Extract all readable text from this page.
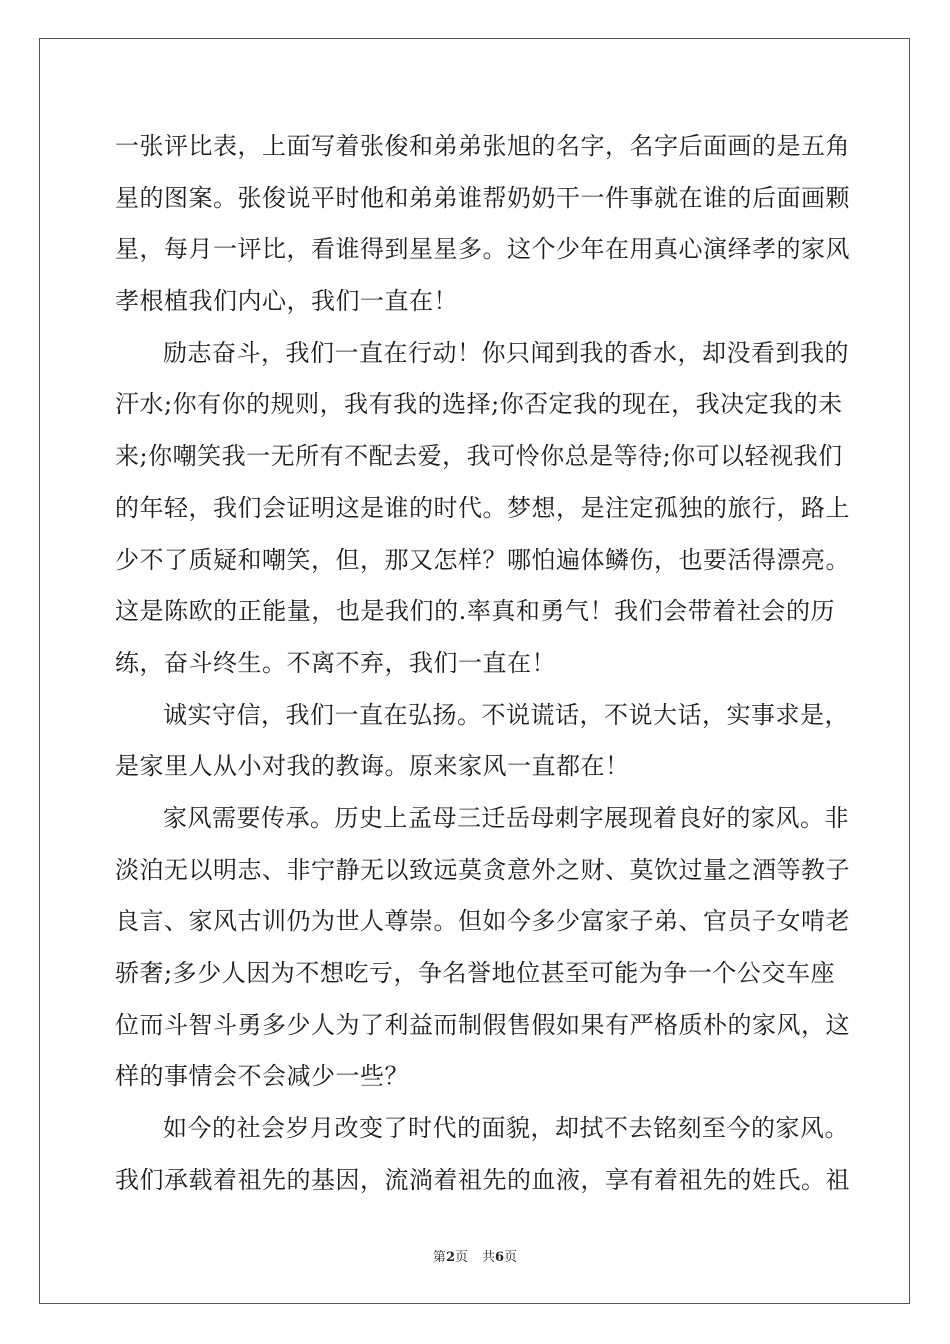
一张评比表，上面写着张俊和弟弟张旭的名字，名字后面画的是五角
星的图案。张俊说平时他和弟弟谁帮奶奶干一件事就在谁的后面画颗
星，每月一评比，看谁得到星星多。这个少年在用真心演绎孝的家风
孝根植我们内心，我们一直在！
励志奋斗，我们一直在行动！你只闻到我的香水，却没看到我的
汗水;你有你的规则，我有我的选择;你否定我的现在，我决定我的未
来;你嘲笑我一无所有不配去爱，我可怜你总是等待;你可以轻视我们
的年轻，我们会证明这是谁的时代。梦想，是注定孤独的旅行，路上
少不了质疑和嘲笑，但，那又怎样？哪怕遍体鳞伤，也要活得漂亮。
这是陈欧的正能量，也是我们的.率真和勇气！我们会带着社会的历
练，奋斗终生。不离不弃，我们一直在！
诚实守信，我们一直在弘扬。不说谎话，不说大话，实事求是，
是家里人从小对我的教诲。原来家风一直都在！
家风需要传承。历史上孟母三迁岳母刺字展现着良好的家风。非
淡泊无以明志、非宁静无以致远莫贪意外之财、莫饮过量之酒等教子
良言、家风古训仍为世人尊崇。但如今多少富家子弟、官员子女啃老
骄奢;多少人因为不想吃亏，争名誉地位甚至可能为争一个公交车座
位而斗智斗勇多少人为了利益而制假售假如果有严格质朴的家风，这
样的事情会不会减少一些？
如今的社会岁月改变了时代的面貌，却拭不去铭刻至今的家风。
我们承载着祖先的基因，流淌着祖先的血液，享有着祖先的姓氏。祖
第2页 共6页
